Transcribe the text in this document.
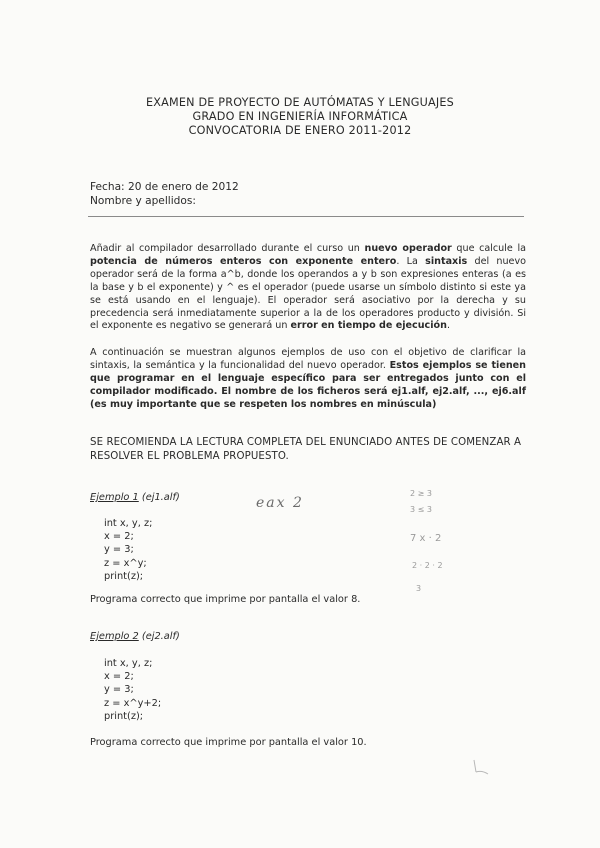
EXAMEN DE PROYECTO DE AUTÓMATAS Y LENGUAJES
GRADO EN INGENIERÍA INFORMÁTICA
CONVOCATORIA DE ENERO 2011-2012
Fecha: 20 de enero de 2012
Nombre y apellidos:
Añadir al compilador desarrollado durante el curso un nuevo operador que calcule la potencia de números enteros con exponente entero. La sintaxis del nuevo operador será de la forma a^b, donde los operandos a y b son expresiones enteras (a es la base y b el exponente) y ^ es el operador (puede usarse un símbolo distinto si este ya se está usando en el lenguaje). El operador será asociativo por la derecha y su precedencia será inmediatamente superior a la de los operadores producto y división. Si el exponente es negativo se generará un error en tiempo de ejecución.
A continuación se muestran algunos ejemplos de uso con el objetivo de clarificar la sintaxis, la semántica y la funcionalidad del nuevo operador. Estos ejemplos se tienen que programar en el lenguaje específico para ser entregados junto con el compilador modificado. El nombre de los ficheros será ej1.alf, ej2.alf, ..., ej6.alf (es muy importante que se respeten los nombres en minúscula)
SE RECOMIENDA LA LECTURA COMPLETA DEL ENUNCIADO ANTES DE COMENZAR A RESOLVER EL PROBLEMA PROPUESTO.
Ejemplo 1 (ej1.alf)
int x, y, z;
x = 2;
y = 3;
z = x^y;
print(z);
Programa correcto que imprime por pantalla el valor 8.
Ejemplo 2 (ej2.alf)
int x, y, z;
x = 2;
y = 3;
z = x^y+2;
print(z);
Programa correcto que imprime por pantalla el valor 10.
eax 2
2 ≥ 3
3 ≤ 3
7 x · 2
2 · 2 · 2
3
